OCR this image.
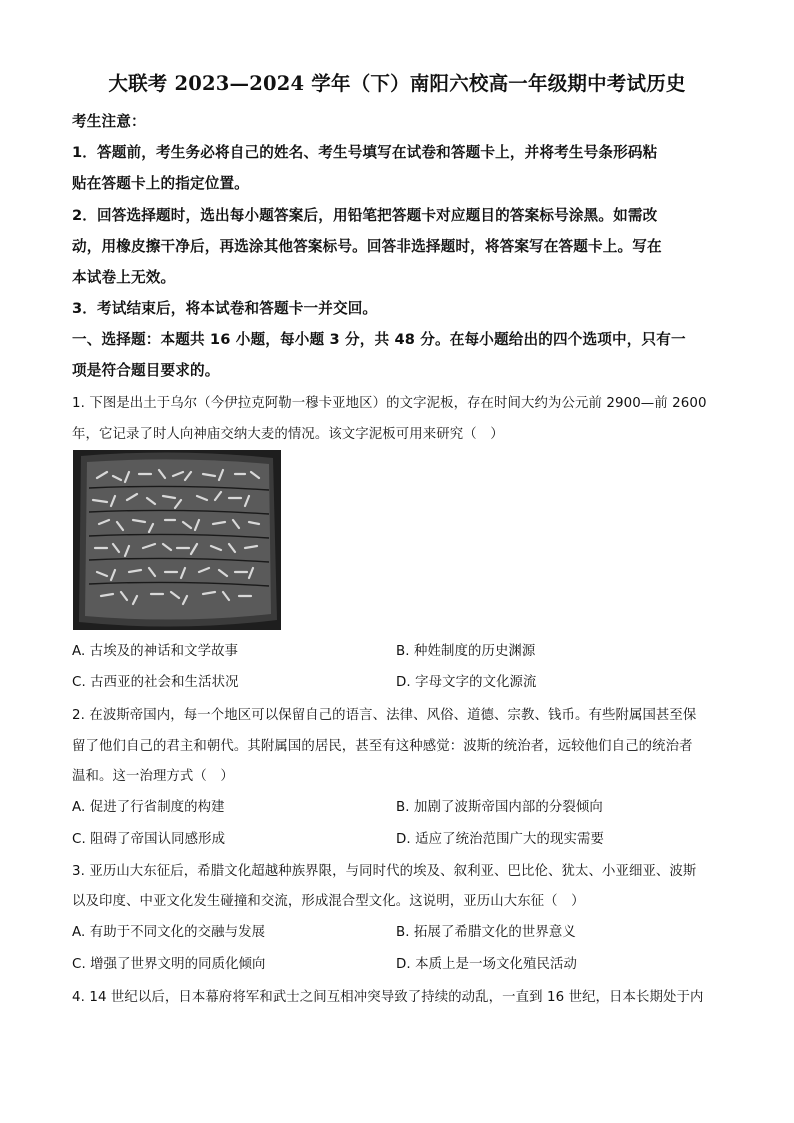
大联考 2023—2024 学年（下）南阳六校高一年级期中考试历史
考生注意：
1．答题前，考生务必将自己的姓名、考生号填写在试卷和答题卡上，并将考生号条形码粘
贴在答题卡上的指定位置。
2．回答选择题时，选出每小题答案后，用铅笔把答题卡对应题目的答案标号涂黑。如需改
动，用橡皮擦干净后，再选涂其他答案标号。回答非选择题时，将答案写在答题卡上。写在
本试卷上无效。
3．考试结束后，将本试卷和答题卡一并交回。
一、选择题：本题共 16 小题，每小题 3 分，共 48 分。在每小题给出的四个选项中，只有一
项是符合题目要求的。
1. 下图是出土于乌尔（今伊拉克阿勒一穆卡亚地区）的文字泥板，存在时间大约为公元前 2900—前 2600
年，它记录了时人向神庙交纳大麦的情况。该文字泥板可用来研究（　）
A. 古埃及的神话和文学故事	B. 种姓制度的历史渊源
C. 古西亚的社会和生活状况	D. 字母文字的文化源流
2. 在波斯帝国内，每一个地区可以保留自己的语言、法律、风俗、道德、宗教、钱币。有些附属国甚至保
留了他们自己的君主和朝代。其附属国的居民，甚至有这种感觉：波斯的统治者，远较他们自己的统治者
温和。这一治理方式（　）
A. 促进了行省制度的构建	B. 加剧了波斯帝国内部的分裂倾向
C. 阻碍了帝国认同感形成	D. 适应了统治范围广大的现实需要
3. 亚历山大东征后，希腊文化超越种族界限，与同时代的埃及、叙利亚、巴比伦、犹太、小亚细亚、波斯
以及印度、中亚文化发生碰撞和交流，形成混合型文化。这说明，亚历山大东征（　）
A. 有助于不同文化的交融与发展	B. 拓展了希腊文化的世界意义
C. 增强了世界文明的同质化倾向	D. 本质上是一场文化殖民活动
4. 14 世纪以后，日本幕府将军和武士之间互相冲突导致了持续的动乱，一直到 16 世纪，日本长期处于内
